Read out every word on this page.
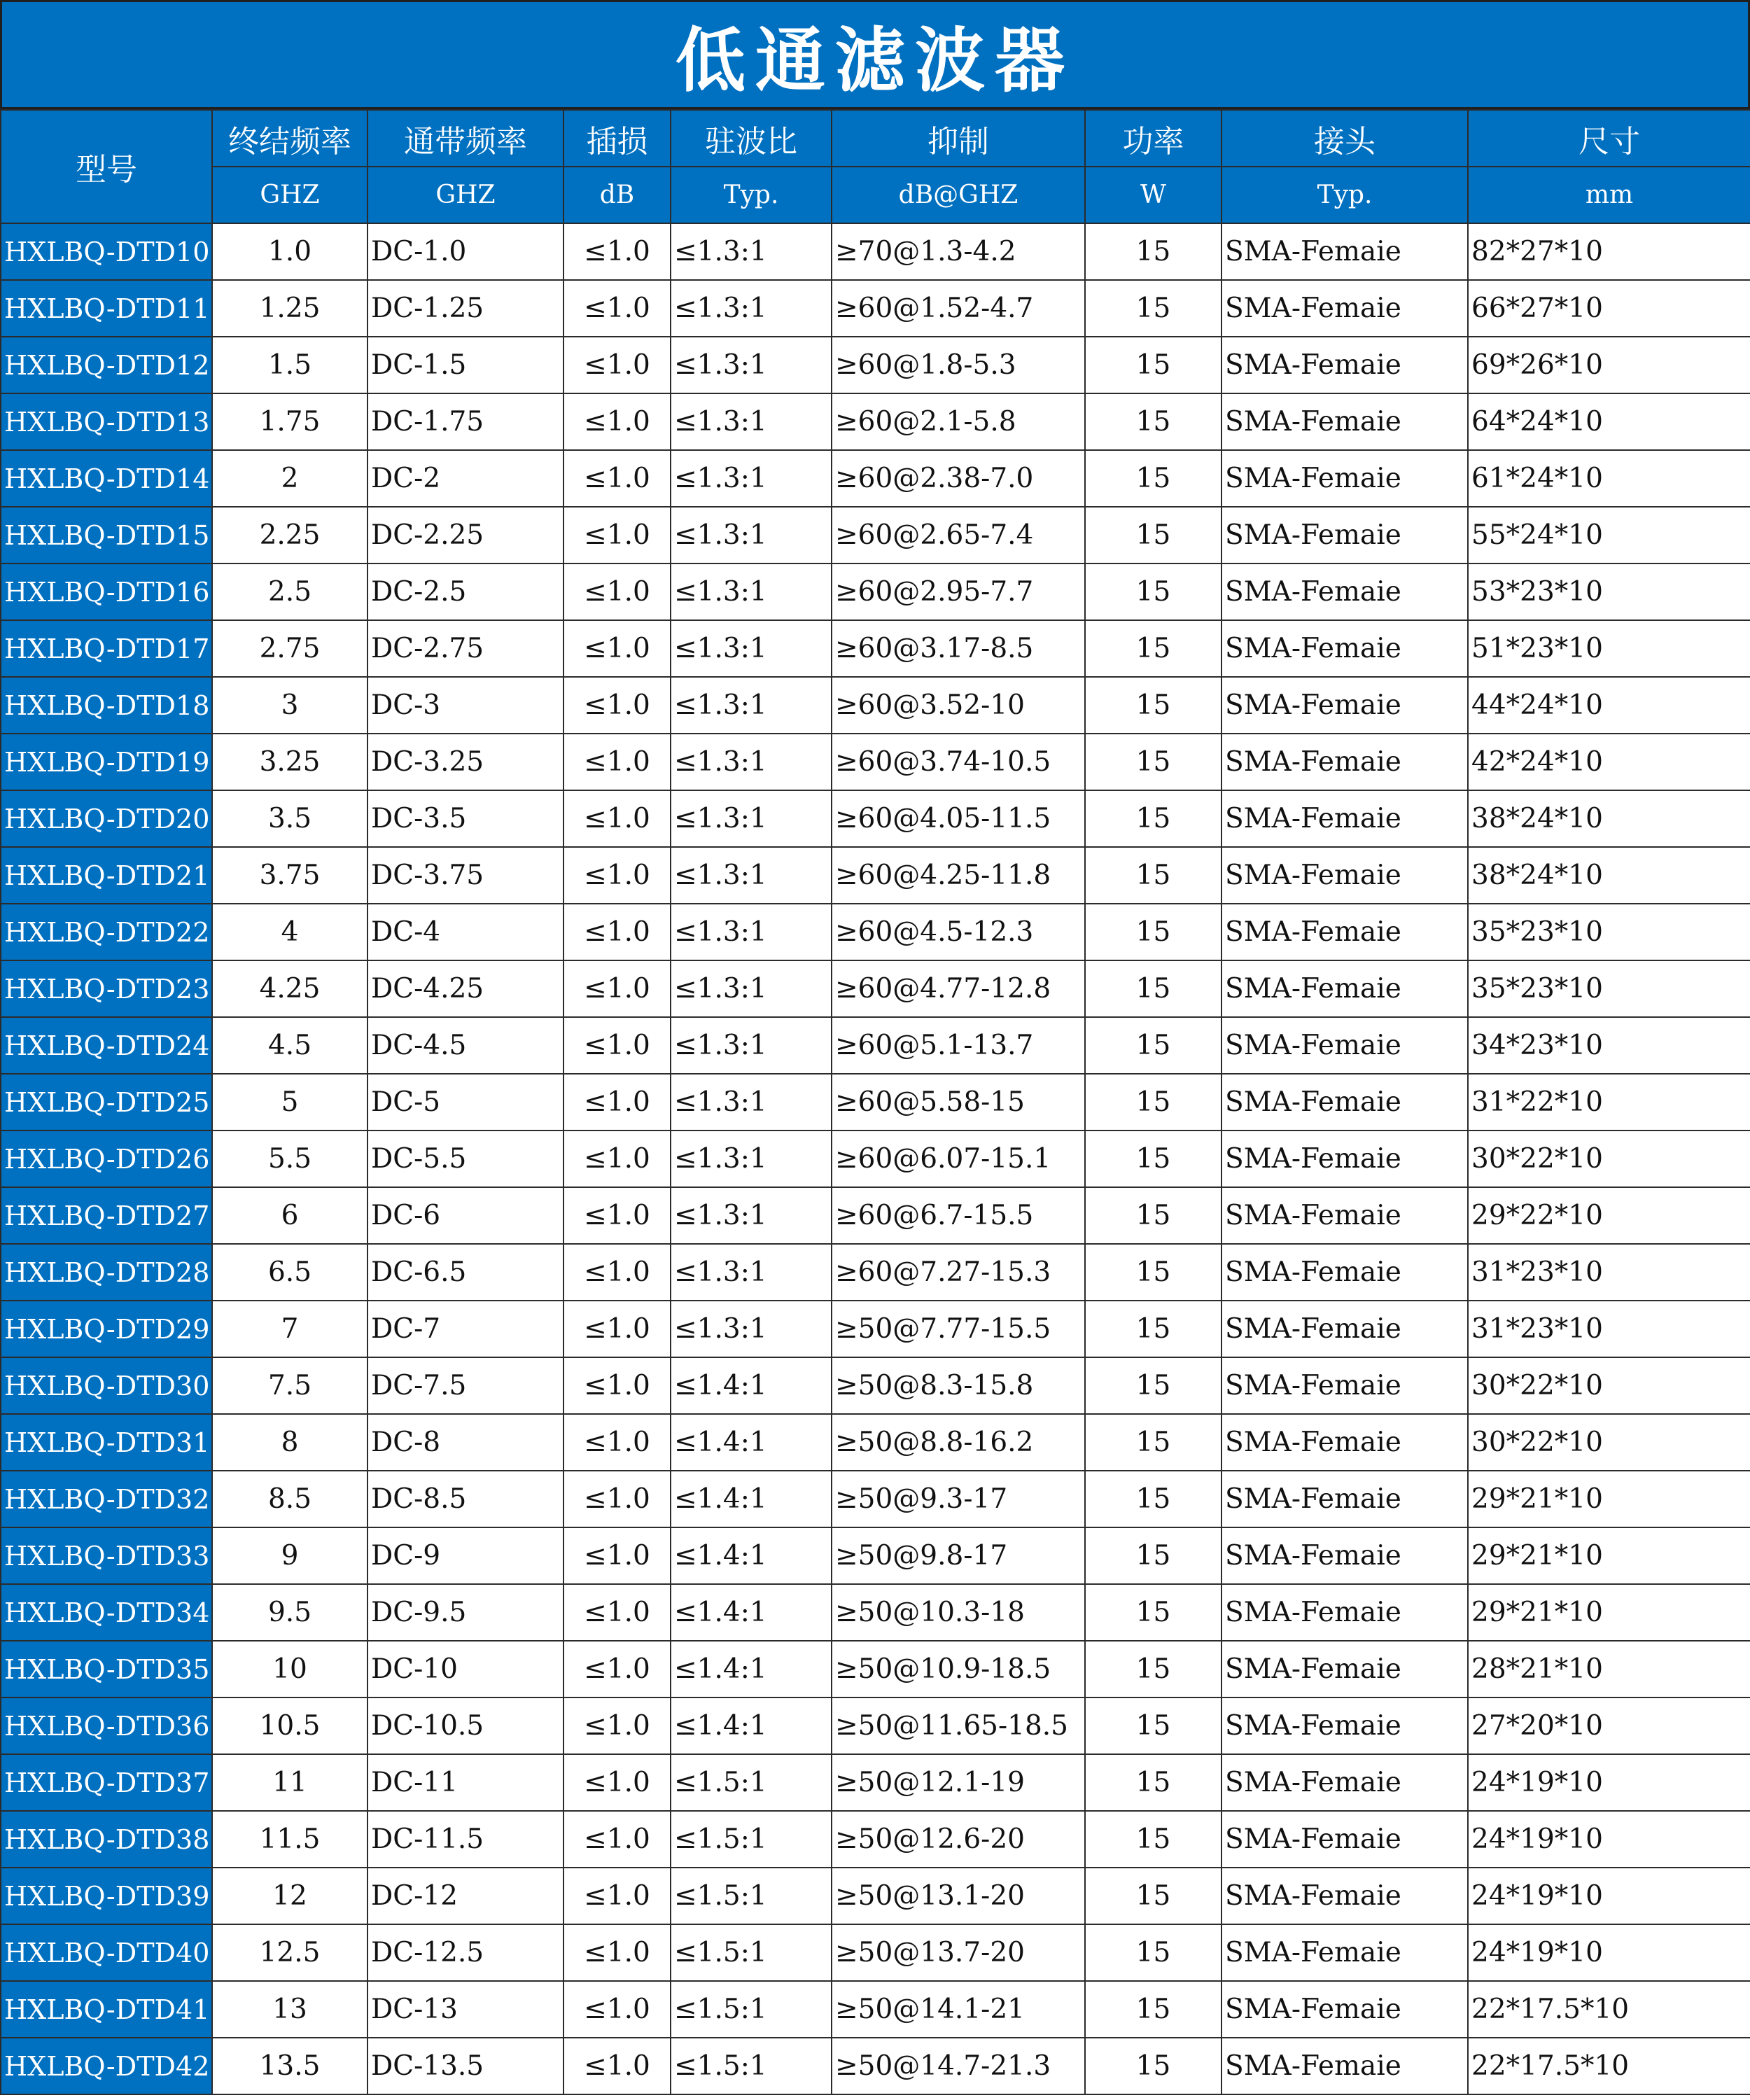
低通滤波器
型号	终结频率	通带频率	插损	驻波比	抑制	功率	接头	尺寸
	GHZ	GHZ	dB	Typ.	dB@GHZ	W	Typ.	mm
HXLBQ-DTD10	1.0	DC-1.0	≤1.0	≤1.3:1	≥70@1.3-4.2	15	SMA-Femaie	82*27*10
HXLBQ-DTD11	1.25	DC-1.25	≤1.0	≤1.3:1	≥60@1.52-4.7	15	SMA-Femaie	66*27*10
HXLBQ-DTD12	1.5	DC-1.5	≤1.0	≤1.3:1	≥60@1.8-5.3	15	SMA-Femaie	69*26*10
HXLBQ-DTD13	1.75	DC-1.75	≤1.0	≤1.3:1	≥60@2.1-5.8	15	SMA-Femaie	64*24*10
HXLBQ-DTD14	2	DC-2	≤1.0	≤1.3:1	≥60@2.38-7.0	15	SMA-Femaie	61*24*10
HXLBQ-DTD15	2.25	DC-2.25	≤1.0	≤1.3:1	≥60@2.65-7.4	15	SMA-Femaie	55*24*10
HXLBQ-DTD16	2.5	DC-2.5	≤1.0	≤1.3:1	≥60@2.95-7.7	15	SMA-Femaie	53*23*10
HXLBQ-DTD17	2.75	DC-2.75	≤1.0	≤1.3:1	≥60@3.17-8.5	15	SMA-Femaie	51*23*10
HXLBQ-DTD18	3	DC-3	≤1.0	≤1.3:1	≥60@3.52-10	15	SMA-Femaie	44*24*10
HXLBQ-DTD19	3.25	DC-3.25	≤1.0	≤1.3:1	≥60@3.74-10.5	15	SMA-Femaie	42*24*10
HXLBQ-DTD20	3.5	DC-3.5	≤1.0	≤1.3:1	≥60@4.05-11.5	15	SMA-Femaie	38*24*10
HXLBQ-DTD21	3.75	DC-3.75	≤1.0	≤1.3:1	≥60@4.25-11.8	15	SMA-Femaie	38*24*10
HXLBQ-DTD22	4	DC-4	≤1.0	≤1.3:1	≥60@4.5-12.3	15	SMA-Femaie	35*23*10
HXLBQ-DTD23	4.25	DC-4.25	≤1.0	≤1.3:1	≥60@4.77-12.8	15	SMA-Femaie	35*23*10
HXLBQ-DTD24	4.5	DC-4.5	≤1.0	≤1.3:1	≥60@5.1-13.7	15	SMA-Femaie	34*23*10
HXLBQ-DTD25	5	DC-5	≤1.0	≤1.3:1	≥60@5.58-15	15	SMA-Femaie	31*22*10
HXLBQ-DTD26	5.5	DC-5.5	≤1.0	≤1.3:1	≥60@6.07-15.1	15	SMA-Femaie	30*22*10
HXLBQ-DTD27	6	DC-6	≤1.0	≤1.3:1	≥60@6.7-15.5	15	SMA-Femaie	29*22*10
HXLBQ-DTD28	6.5	DC-6.5	≤1.0	≤1.3:1	≥60@7.27-15.3	15	SMA-Femaie	31*23*10
HXLBQ-DTD29	7	DC-7	≤1.0	≤1.3:1	≥50@7.77-15.5	15	SMA-Femaie	31*23*10
HXLBQ-DTD30	7.5	DC-7.5	≤1.0	≤1.4:1	≥50@8.3-15.8	15	SMA-Femaie	30*22*10
HXLBQ-DTD31	8	DC-8	≤1.0	≤1.4:1	≥50@8.8-16.2	15	SMA-Femaie	30*22*10
HXLBQ-DTD32	8.5	DC-8.5	≤1.0	≤1.4:1	≥50@9.3-17	15	SMA-Femaie	29*21*10
HXLBQ-DTD33	9	DC-9	≤1.0	≤1.4:1	≥50@9.8-17	15	SMA-Femaie	29*21*10
HXLBQ-DTD34	9.5	DC-9.5	≤1.0	≤1.4:1	≥50@10.3-18	15	SMA-Femaie	29*21*10
HXLBQ-DTD35	10	DC-10	≤1.0	≤1.4:1	≥50@10.9-18.5	15	SMA-Femaie	28*21*10
HXLBQ-DTD36	10.5	DC-10.5	≤1.0	≤1.4:1	≥50@11.65-18.5	15	SMA-Femaie	27*20*10
HXLBQ-DTD37	11	DC-11	≤1.0	≤1.5:1	≥50@12.1-19	15	SMA-Femaie	24*19*10
HXLBQ-DTD38	11.5	DC-11.5	≤1.0	≤1.5:1	≥50@12.6-20	15	SMA-Femaie	24*19*10
HXLBQ-DTD39	12	DC-12	≤1.0	≤1.5:1	≥50@13.1-20	15	SMA-Femaie	24*19*10
HXLBQ-DTD40	12.5	DC-12.5	≤1.0	≤1.5:1	≥50@13.7-20	15	SMA-Femaie	24*19*10
HXLBQ-DTD41	13	DC-13	≤1.0	≤1.5:1	≥50@14.1-21	15	SMA-Femaie	22*17.5*10
HXLBQ-DTD42	13.5	DC-13.5	≤1.0	≤1.5:1	≥50@14.7-21.3	15	SMA-Femaie	22*17.5*10
